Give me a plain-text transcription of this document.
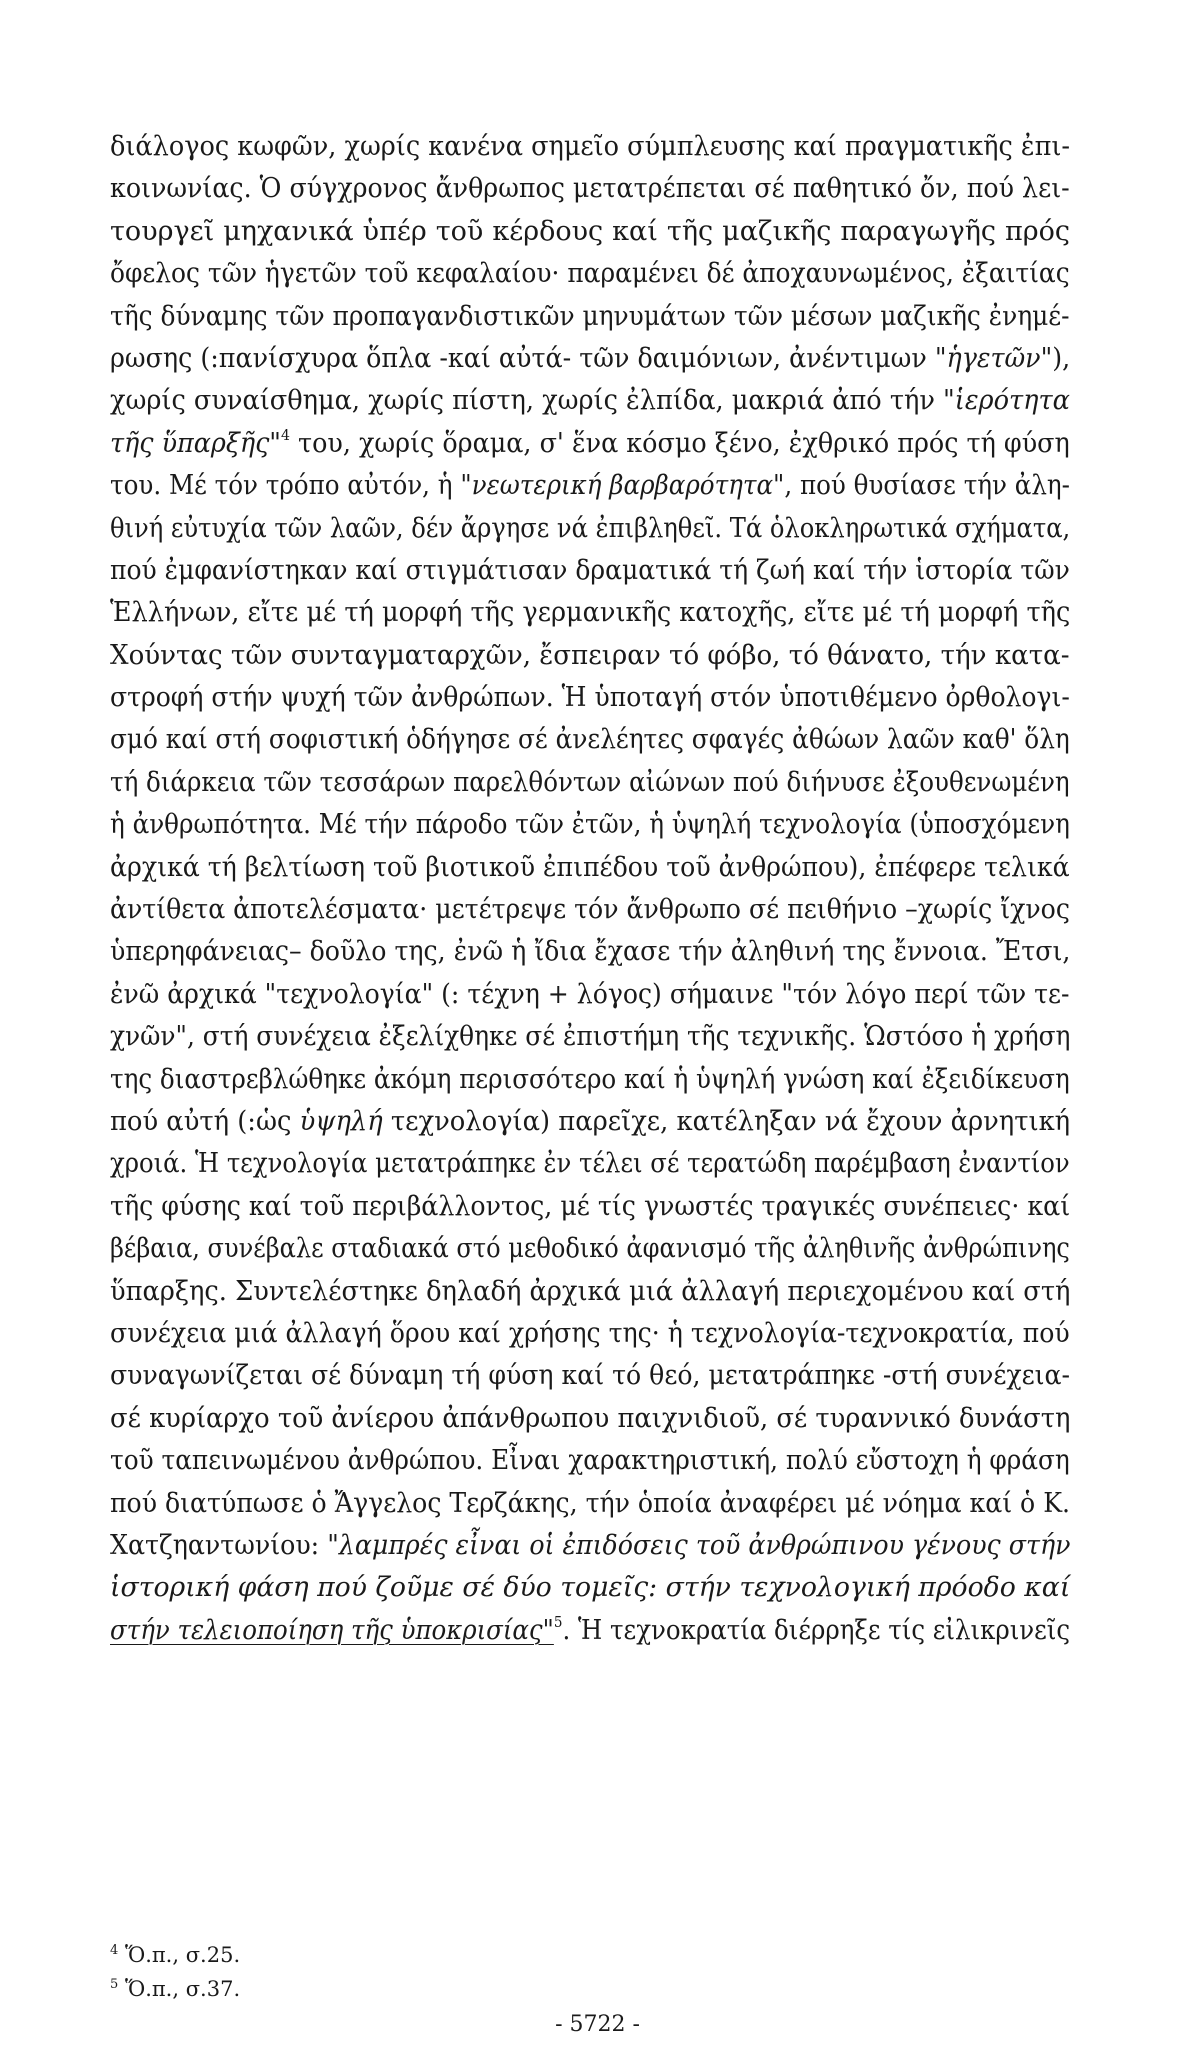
διάλογος κωφῶν, χωρίς κανένα σημεῖο σύμπλευσης καί πραγματικῆς ἐπι-
κοινωνίας. Ὁ σύγχρονος ἄνθρωπος μετατρέπεται σέ παθητικό ὄν, πού λει-
τουργεῖ μηχανικά ὑπέρ τοῦ κέρδους καί τῆς μαζικῆς παραγωγῆς πρός
ὄφελος τῶν ἡγετῶν τοῦ κεφαλαίου· παραμένει δέ ἀποχαυνωμένος, ἐξαιτίας
τῆς δύναμης τῶν προπαγανδιστικῶν μηνυμάτων τῶν μέσων μαζικῆς ἐνημέ-
ρωσης (:πανίσχυρα ὅπλα -καί αὐτά- τῶν δαιμόνιων, ἀνέντιμων "ἡγετῶν"),
χωρίς συναίσθημα, χωρίς πίστη, χωρίς ἐλπίδα, μακριά ἀπό τήν "ἱερότητα
τῆς ὕπαρξῆς"$^4$ του, χωρίς ὅραμα, σ' ἕνα κόσμο ξένο, ἐχθρικό πρός τή φύση
του. Μέ τόν τρόπο αὐτόν, ἡ "νεωτερική βαρβαρότητα", πού θυσίασε τήν ἀλη-
θινή εὐτυχία τῶν λαῶν, δέν ἄργησε νά ἐπιβληθεῖ. Τά ὁλοκληρωτικά σχήματα,
πού ἐμφανίστηκαν καί στιγμάτισαν δραματικά τή ζωή καί τήν ἱστορία τῶν
Ἑλλήνων, εἴτε μέ τή μορφή τῆς γερμανικῆς κατοχῆς, εἴτε μέ τή μορφή τῆς
Χούντας τῶν συνταγματαρχῶν, ἔσπειραν τό φόβο, τό θάνατο, τήν κατα-
στροφή στήν ψυχή τῶν ἀνθρώπων. Ἡ ὑποταγή στόν ὑποτιθέμενο ὀρθολογι-
σμό καί στή σοφιστική ὁδήγησε σέ ἀνελέητες σφαγές ἀθώων λαῶν καθ' ὅλη
τή διάρκεια τῶν τεσσάρων παρελθόντων αἰώνων πού διήνυσε ἐξουθενωμένη
ἡ ἀνθρωπότητα. Μέ τήν πάροδο τῶν ἐτῶν, ἡ ὑψηλή τεχνολογία (ὑποσχόμενη
ἀρχικά τή βελτίωση τοῦ βιοτικοῦ ἐπιπέδου τοῦ ἀνθρώπου), ἐπέφερε τελικά
ἀντίθετα ἀποτελέσματα· μετέτρεψε τόν ἄνθρωπο σέ πειθήνιο –χωρίς ἴχνος
ὑπερηφάνειας– δοῦλο της, ἐνῶ ἡ ἴδια ἔχασε τήν ἀληθινή της ἔννοια. Ἔτσι,
ἐνῶ ἀρχικά "τεχνολογία" (: τέχνη + λόγος) σήμαινε "τόν λόγο περί τῶν τε-
χνῶν", στή συνέχεια ἐξελίχθηκε σέ ἐπιστήμη τῆς τεχνικῆς. Ὡστόσο ἡ χρήση
της διαστρεβλώθηκε ἀκόμη περισσότερο καί ἡ ὑψηλή γνώση καί ἐξειδίκευση
πού αὐτή (:ὡς ὑψηλή τεχνολογία) παρεῖχε, κατέληξαν νά ἔχουν ἀρνητική
χροιά. Ἡ τεχνολογία μετατράπηκε ἐν τέλει σέ τερατώδη παρέμβαση ἐναντίον
τῆς φύσης καί τοῦ περιβάλλοντος, μέ τίς γνωστές τραγικές συνέπειες· καί
βέβαια, συνέβαλε σταδιακά στό μεθοδικό ἀφανισμό τῆς ἀληθινῆς ἀνθρώπινης
ὕπαρξης. Συντελέστηκε δηλαδή ἀρχικά μιά ἀλλαγή περιεχομένου καί στή
συνέχεια μιά ἀλλαγή ὅρου καί χρήσης της· ἡ τεχνολογία-τεχνοκρατία, πού
συναγωνίζεται σέ δύναμη τή φύση καί τό θεό, μετατράπηκε -στή συνέχεια-
σέ κυρίαρχο τοῦ ἀνίερου ἀπάνθρωπου παιχνιδιοῦ, σέ τυραννικό δυνάστη
τοῦ ταπεινωμένου ἀνθρώπου. Εἶναι χαρακτηριστική, πολύ εὔστοχη ἡ φράση
πού διατύπωσε ὁ Ἄγγελος Τερζάκης, τήν ὁποία ἀναφέρει μέ νόημα καί ὁ Κ.
Χατζηαντωνίου: "λαμπρές εἶναι οἱ ἐπιδόσεις τοῦ ἀνθρώπινου γένους στήν
ἱστορική φάση πού ζοῦμε σέ δύο τομεῖς: στήν τεχνολογική πρόοδο καί
στήν τελειοποίηση τῆς ὑποκρισίας"$^5$. Ἡ τεχνοκρατία διέρρηξε τίς εἰλικρινεῖς
$^4$ Ὅ.π., σ.25.
$^5$ Ὅ.π., σ.37.
- 5722 -
